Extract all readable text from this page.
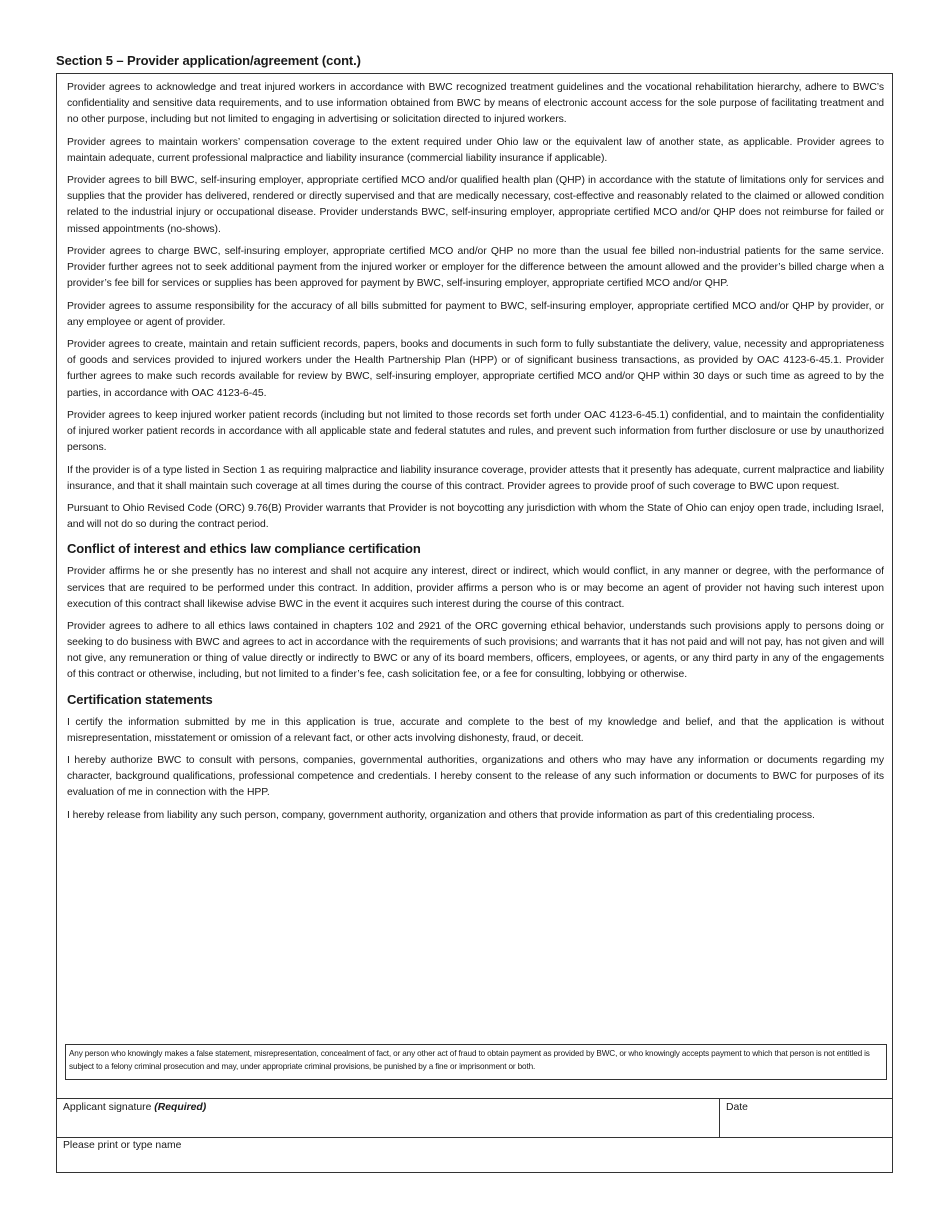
Section 5 – Provider application/agreement (cont.)

Provider agrees to acknowledge and treat injured workers in accordance with BWC recognized treatment guidelines and the vocational rehabilitation hierarchy, adhere to BWC’s confidentiality and sensitive data requirements, and to use information obtained from BWC by means of electronic account access for the sole purpose of facilitating treatment and no other purpose, including but not limited to engaging in advertising or solicitation directed to injured workers.

Provider agrees to maintain workers’ compensation coverage to the extent required under Ohio law or the equivalent law of another state, as applicable. Provider agrees to maintain adequate, current professional malpractice and liability insurance (commercial liability insurance if applicable).

Provider agrees to bill BWC, self-insuring employer, appropriate certified MCO and/or qualified health plan (QHP) in accordance with the statute of limitations only for services and supplies that the provider has delivered, rendered or directly supervised and that are medically necessary, cost-effective and reasonably related to the claimed or allowed condition related to the industrial injury or occupational disease. Provider understands BWC, self-insuring employer, appropriate certified MCO and/or QHP does not reimburse for failed or missed appointments (no-shows).

Provider agrees to charge BWC, self-insuring employer, appropriate certified MCO and/or QHP no more than the usual fee billed non-industrial patients for the same service. Provider further agrees not to seek additional payment from the injured worker or employer for the difference between the amount allowed and the provider’s billed charge when a provider’s fee bill for services or supplies has been approved for payment by BWC, self-insuring employer, appropriate certified MCO and/or QHP.

Provider agrees to assume responsibility for the accuracy of all bills submitted for payment to BWC, self-insuring employer, appropriate certified MCO and/or QHP by provider, or any employee or agent of provider.

Provider agrees to create, maintain and retain sufficient records, papers, books and documents in such form to fully substantiate the delivery, value, necessity and appropriateness of goods and services provided to injured workers under the Health Partnership Plan (HPP) or of significant business transactions, as provided by OAC 4123-6-45.1. Provider further agrees to make such records available for review by BWC, self-insuring employer, appropriate certified MCO and/or QHP within 30 days or such time as agreed to by the parties, in accordance with OAC 4123-6-45.

Provider agrees to keep injured worker patient records (including but not limited to those records set forth under OAC 4123-6-45.1) confidential, and to maintain the confidentiality of injured worker patient records in accordance with all applicable state and federal statutes and rules, and prevent such information from further disclosure or use by unauthorized persons.

If the provider is of a type listed in Section 1 as requiring malpractice and liability insurance coverage, provider attests that it presently has adequate, current malpractice and liability insurance, and that it shall maintain such coverage at all times during the course of this contract. Provider agrees to provide proof of such coverage to BWC upon request.

Pursuant to Ohio Revised Code (ORC) 9.76(B) Provider warrants that Provider is not boycotting any jurisdiction with whom the State of Ohio can enjoy open trade, including Israel, and will not do so during the contract period.

Conflict of interest and ethics law compliance certification

Provider affirms he or she presently has no interest and shall not acquire any interest, direct or indirect, which would conflict, in any manner or degree, with the performance of services that are required to be performed under this contract. In addition, provider affirms a person who is or may become an agent of provider not having such interest upon execution of this contract shall likewise advise BWC in the event it acquires such interest during the course of this contract.

Provider agrees to adhere to all ethics laws contained in chapters 102 and 2921 of the ORC governing ethical behavior, understands such provisions apply to persons doing or seeking to do business with BWC and agrees to act in accordance with the requirements of such provisions; and warrants that it has not paid and will not pay, has not given and will not give, any remuneration or thing of value directly or indirectly to BWC or any of its board members, officers, employees, or agents, or any third party in any of the engagements of this contract or otherwise, including, but not limited to a finder’s fee, cash solicitation fee, or a fee for consulting, lobbying or otherwise.

Certification statements

I certify the information submitted by me in this application is true, accurate and complete to the best of my knowledge and belief, and that the application is without misrepresentation, misstatement or omission of a relevant fact, or other acts involving dishonesty, fraud, or deceit.

I hereby authorize BWC to consult with persons, companies, governmental authorities, organizations and others who may have any information or documents regarding my character, background qualifications, professional competence and credentials. I hereby consent to the release of any such information or documents to BWC for purposes of its evaluation of me in connection with the HPP.

I hereby release from liability any such person, company, government authority, organization and others that provide information as part of this credentialing process.

Any person who knowingly makes a false statement, misrepresentation, concealment of fact, or any other act of fraud to obtain payment as provided by BWC, or who knowingly accepts payment to which that person is not entitled is subject to a felony criminal prosecution and may, under appropriate criminal provisions, be punished by a fine or imprisonment or both.
Applicant signature (Required)	Date
Please print or type name
